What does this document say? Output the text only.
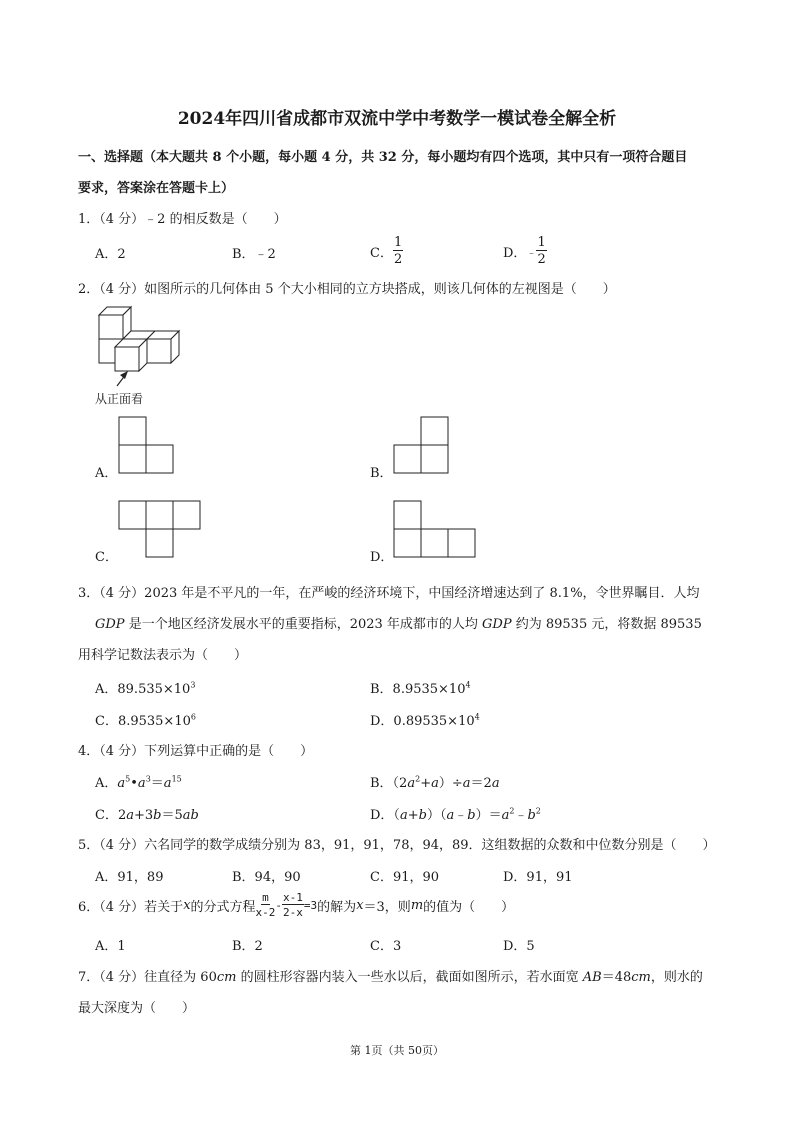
2024年四川省成都市双流中学中考数学一模试卷全解全析
一、选择题（本大题共 8 个小题，每小题 4 分，共 32 分，每小题均有四个选项，其中只有一项符合题目
要求，答案涂在答题卡上）
1．（4 分）﹣2 的相反数是（　　）
A．2	B．﹣2	C． $\frac{1}{2}$	D． ﹣ $\frac{1}{2}$
2．（4 分）如图所示的几何体由 5 个大小相同的立方块搭成，则该几何体的左视图是（　　）
从正面看
A．	B．
C．	D．
3．（4 分）2023 年是不平凡的一年，在严峻的经济环境下，中国经济增速达到了 8.1%，令世界瞩目．人均
GDP 是一个地区经济发展水平的重要指标，2023 年成都市的人均 GDP 约为 89535 元，将数据 89535
用科学记数法表示为（　　）
A．$89.535\times 10^3$	B．$8.9535\times 10^4$
C．$8.9535\times 10^6$	D．$0.89535\times 10^4$
4．（4 分）下列运算中正确的是（　　）
A．$a^5•a^3=a^{15}$	B．$(2a^2+a)\div a=2a$
C．2a+3b＝5ab	D．$(a+b)(a﹣b)=a^2﹣b^2$
5．（4 分）六名同学的数学成绩分别为 83，91，91，78，94，89．这组数据的众数和中位数分别是（　　）
A．91，89	B．94，90	C．91，90	D．91，91
6．（4 分）若关于 x 的分式方程 $\frac{m}{x-2} - \frac{x-1}{2-x} =3$ 的解为 x ＝3，则 m 的值为（　　）
A．1	B．2	C．3	D．5
7．（4 分）往直径为 60cm 的圆柱形容器内装入一些水以后，截面如图所示，若水面宽 AB＝48cm，则水的
最大深度为（　　）
第 1页（共 50页）
